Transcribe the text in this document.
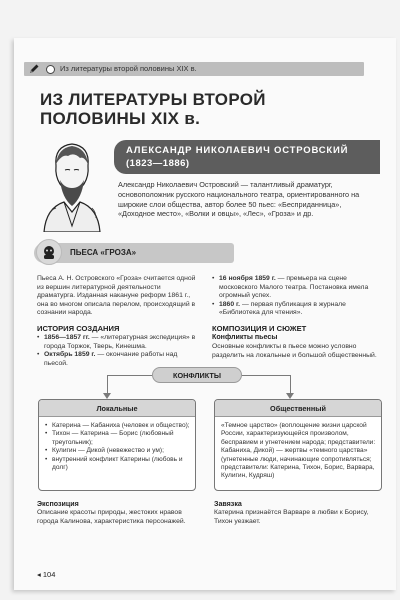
Из литературы второй половины XIX в.
ИЗ ЛИТЕРАТУРЫ ВТОРОЙ ПОЛОВИНЫ XIX в.
АЛЕКСАНДР НИКОЛАЕВИЧ ОСТРОВСКИЙ
(1823—1886)
Александр Николаевич Островский — талантливый драматург, основоположник русского национального театра, ориентированного на широкие слои общества, автор более 50 пьес: «Бесприданница», «Доходное место», «Волки и овцы», «Лес», «Гроза» и др.
ПЬЕСА «ГРОЗА»
Пьеса А. Н. Островского «Гроза» считается одной из вершин литературной деятельности драматурга. Изданная накануне реформ 1861 г., она во многом описала перелом, происходящий в сознании народа.
• 16 ноября 1859 г. — премьера на сцене московского Малого театра. Постановка имела огромный успех.
• 1860 г. — первая публикация в журнале «Библиотека для чтения».
ИСТОРИЯ СОЗДАНИЯ
• 1856—1857 гг. — «литературная экспедиция» в города Торжок, Тверь, Кинешма.
• Октябрь 1859 г. — окончание работы над пьесой.
КОМПОЗИЦИЯ И СЮЖЕТ
Конфликты пьесы
Основные конфликты в пьесе можно условно разделить на локальные и большой общественный.
КОНФЛИКТЫ
Локальные
• Катерина — Кабаниха (человек и общество);
• Тихон — Катерина — Борис (любовный треугольник);
• Кулигин — Дикой (невежество и ум);
• внутренний конфликт Катерины (любовь и долг)
Общественный
«Темное царство» (воплощение жизни царской России, характеризующейся произволом, бесправием и угнетением народа; представители: Кабаниха, Дикой) — жертвы «темного царства» (угнетенные люди, начинающие сопротивляться; представители: Катерина, Тихон, Борис, Варвара, Кулигин, Кудряш)
Экспозиция
Описание красоты природы, жестоких нравов города Калинова, характеристика персонажей.
Завязка
Катерина признаётся Варваре в любви к Борису, Тихон уезжает.
◂ 104
